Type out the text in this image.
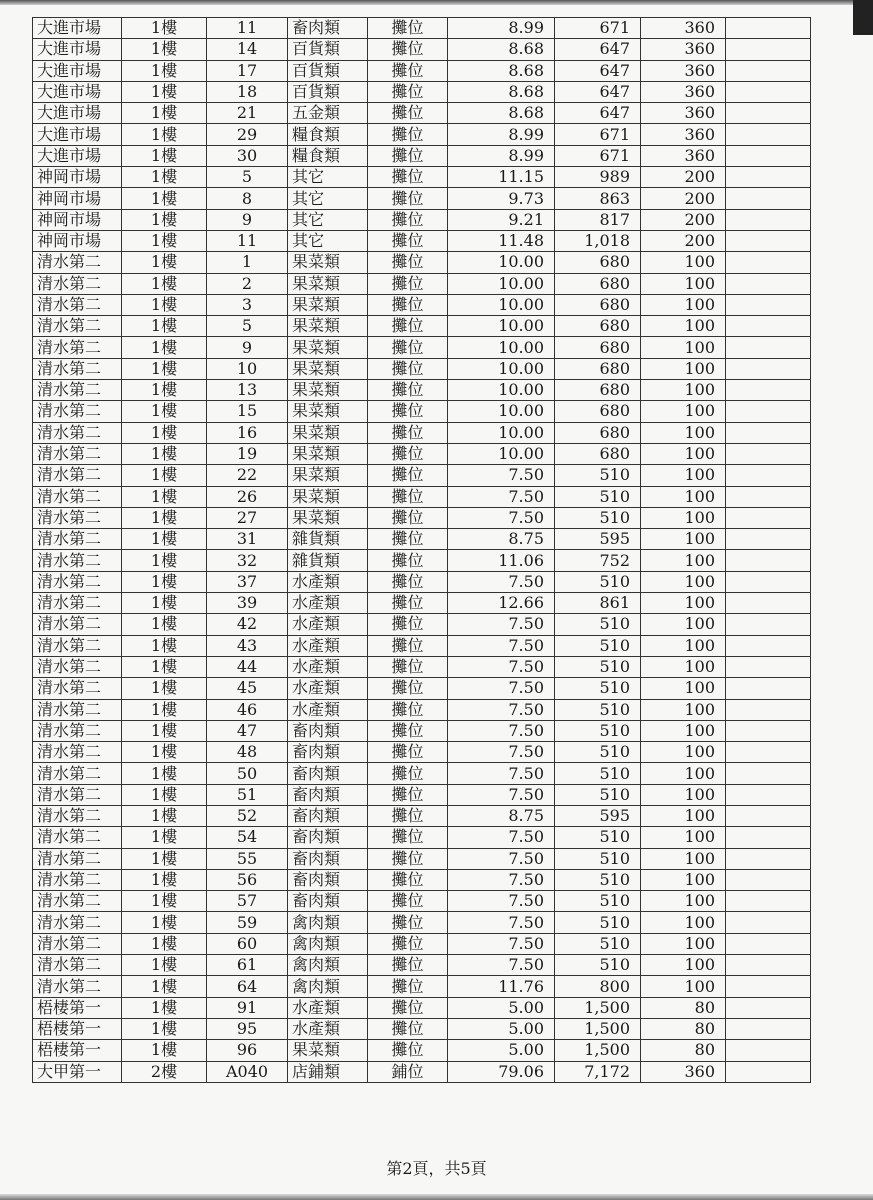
大進市場	1樓	11	畜肉類	攤位	8.99	671	360	
大進市場	1樓	14	百貨類	攤位	8.68	647	360	
大進市場	1樓	17	百貨類	攤位	8.68	647	360	
大進市場	1樓	18	百貨類	攤位	8.68	647	360	
大進市場	1樓	21	五金類	攤位	8.68	647	360	
大進市場	1樓	29	糧食類	攤位	8.99	671	360	
大進市場	1樓	30	糧食類	攤位	8.99	671	360	
神岡市場	1樓	5	其它	攤位	11.15	989	200	
神岡市場	1樓	8	其它	攤位	9.73	863	200	
神岡市場	1樓	9	其它	攤位	9.21	817	200	
神岡市場	1樓	11	其它	攤位	11.48	1,018	200	
清水第二	1樓	1	果菜類	攤位	10.00	680	100	
清水第二	1樓	2	果菜類	攤位	10.00	680	100	
清水第二	1樓	3	果菜類	攤位	10.00	680	100	
清水第二	1樓	5	果菜類	攤位	10.00	680	100	
清水第二	1樓	9	果菜類	攤位	10.00	680	100	
清水第二	1樓	10	果菜類	攤位	10.00	680	100	
清水第二	1樓	13	果菜類	攤位	10.00	680	100	
清水第二	1樓	15	果菜類	攤位	10.00	680	100	
清水第二	1樓	16	果菜類	攤位	10.00	680	100	
清水第二	1樓	19	果菜類	攤位	10.00	680	100	
清水第二	1樓	22	果菜類	攤位	7.50	510	100	
清水第二	1樓	26	果菜類	攤位	7.50	510	100	
清水第二	1樓	27	果菜類	攤位	7.50	510	100	
清水第二	1樓	31	雜貨類	攤位	8.75	595	100	
清水第二	1樓	32	雜貨類	攤位	11.06	752	100	
清水第二	1樓	37	水產類	攤位	7.50	510	100	
清水第二	1樓	39	水產類	攤位	12.66	861	100	
清水第二	1樓	42	水產類	攤位	7.50	510	100	
清水第二	1樓	43	水產類	攤位	7.50	510	100	
清水第二	1樓	44	水產類	攤位	7.50	510	100	
清水第二	1樓	45	水產類	攤位	7.50	510	100	
清水第二	1樓	46	水產類	攤位	7.50	510	100	
清水第二	1樓	47	畜肉類	攤位	7.50	510	100	
清水第二	1樓	48	畜肉類	攤位	7.50	510	100	
清水第二	1樓	50	畜肉類	攤位	7.50	510	100	
清水第二	1樓	51	畜肉類	攤位	7.50	510	100	
清水第二	1樓	52	畜肉類	攤位	8.75	595	100	
清水第二	1樓	54	畜肉類	攤位	7.50	510	100	
清水第二	1樓	55	畜肉類	攤位	7.50	510	100	
清水第二	1樓	56	畜肉類	攤位	7.50	510	100	
清水第二	1樓	57	畜肉類	攤位	7.50	510	100	
清水第二	1樓	59	禽肉類	攤位	7.50	510	100	
清水第二	1樓	60	禽肉類	攤位	7.50	510	100	
清水第二	1樓	61	禽肉類	攤位	7.50	510	100	
清水第二	1樓	64	禽肉類	攤位	11.76	800	100	
梧棲第一	1樓	91	水產類	攤位	5.00	1,500	80	
梧棲第一	1樓	95	水產類	攤位	5.00	1,500	80	
梧棲第一	1樓	96	果菜類	攤位	5.00	1,500	80	
大甲第一	2樓	A040	店鋪類	鋪位	79.06	7,172	360	
第2頁，共5頁
